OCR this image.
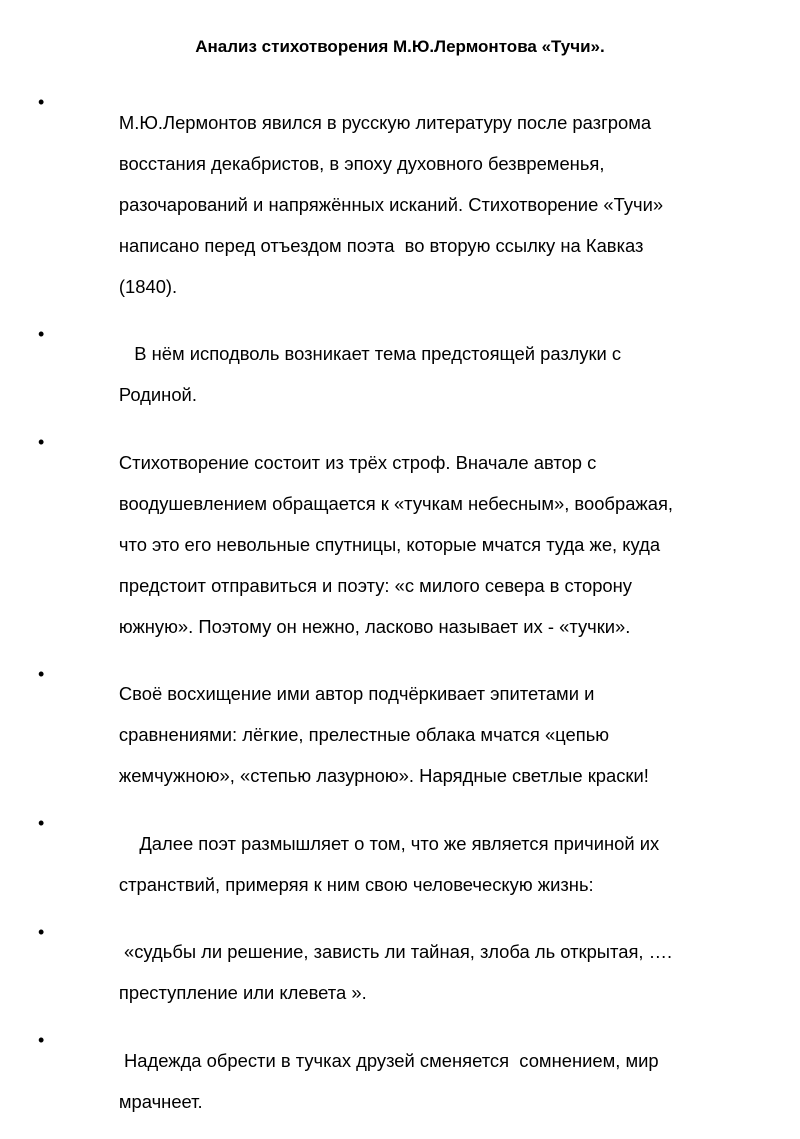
Анализ стихотворения М.Ю.Лермонтова «Тучи».
•

М.Ю.Лермонтов явился в русскую литературу после разгрома

восстания декабристов, в эпоху духовного безвременья,

разочарований и напряжённых исканий. Стихотворение «Тучи»

написано перед отъездом поэта  во вторую ссылку на Кавказ

(1840).

•

В нём исподволь возникает тема предстоящей разлуки с

Родиной.

•

Стихотворение состоит из трёх строф. Вначале автор с

воодушевлением обращается к «тучкам небесным», воображая,

что это его невольные спутницы, которые мчатся туда же, куда

предстоит отправиться и поэту: «с милого севера в сторону

южную». Поэтому он нежно, ласково называет их - «тучки».

•

Своё восхищение ими автор подчёркивает эпитетами и

сравнениями: лёгкие, прелестные облака мчатся «цепью

жемчужною», «степью лазурною». Нарядные светлые краски!

•

Далее поэт размышляет о том, что же является причиной их

странствий, примеряя к ним свою человеческую жизнь:

•

«судьбы ли решение, зависть ли тайная, злоба ль открытая, ….

преступление или клевета ».

•

Надежда обрести в тучках друзей сменяется  сомнением, мир

мрачнеет.
